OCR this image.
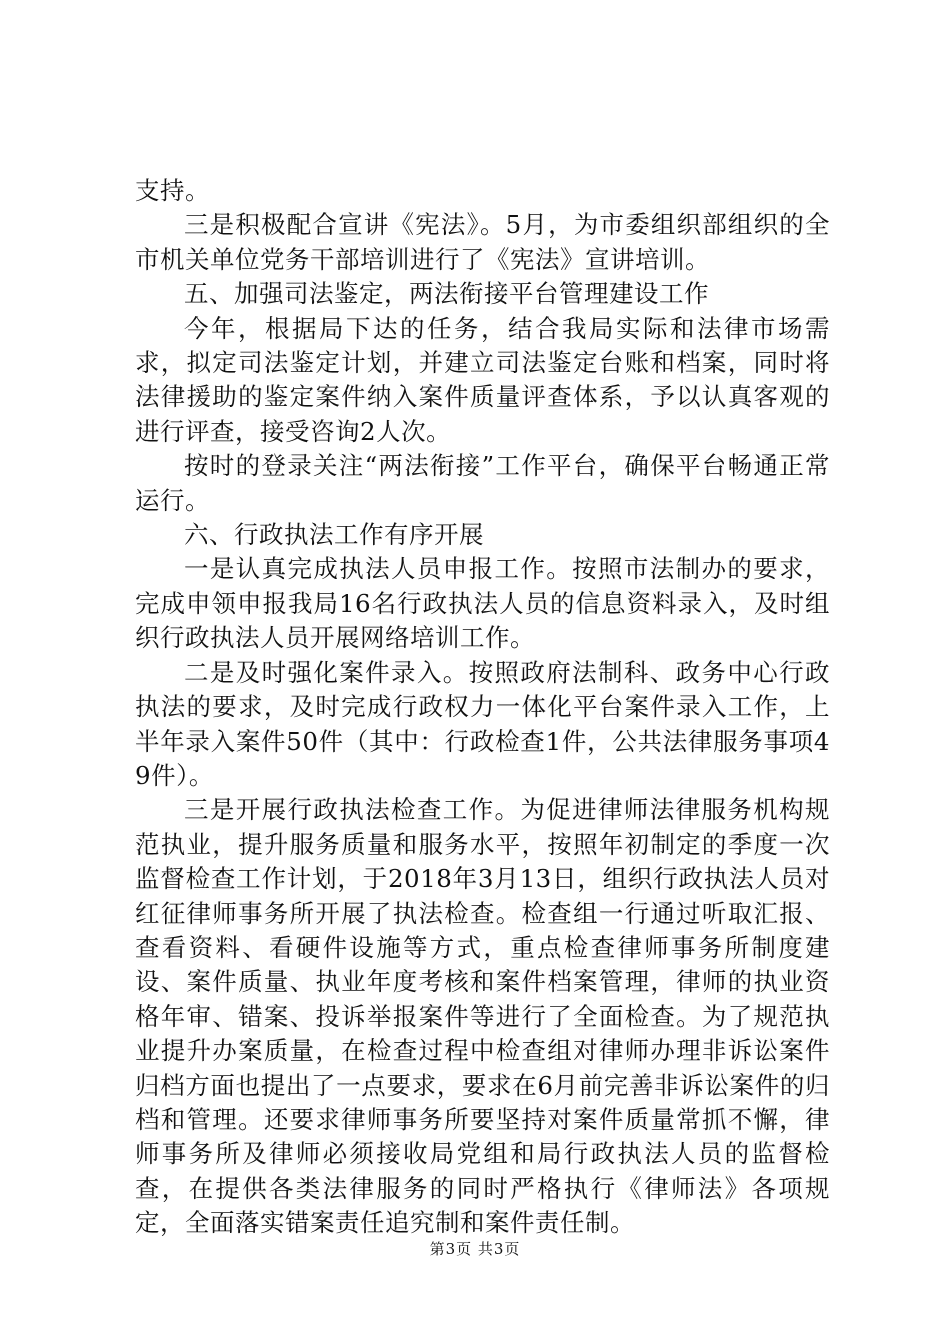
支持。

三是积极配合宣讲《宪法》。5月，为市委组织部组织的全市机关单位党务干部培训进行了《宪法》宣讲培训。

五、加强司法鉴定，两法衔接平台管理建设工作

今年，根据局下达的任务，结合我局实际和法律市场需求，拟定司法鉴定计划，并建立司法鉴定台账和档案，同时将法律援助的鉴定案件纳入案件质量评查体系，予以认真客观的进行评查，接受咨询2人次。

按时的登录关注“两法衔接”工作平台，确保平台畅通正常运行。

六、行政执法工作有序开展

一是认真完成执法人员申报工作。按照市法制办的要求，完成申领申报我局16名行政执法人员的信息资料录入，及时组织行政执法人员开展网络培训工作。

二是及时强化案件录入。按照政府法制科、政务中心行政执法的要求，及时完成行政权力一体化平台案件录入工作，上半年录入案件50件（其中：行政检查1件，公共法律服务事项49件）。

三是开展行政执法检查工作。为促进律师法律服务机构规范执业，提升服务质量和服务水平，按照年初制定的季度一次监督检查工作计划，于2018年3月13日，组织行政执法人员对红征律师事务所开展了执法检查。检查组一行通过听取汇报、查看资料、看硬件设施等方式，重点检查律师事务所制度建设、案件质量、执业年度考核和案件档案管理，律师的执业资格年审、错案、投诉举报案件等进行了全面检查。为了规范执业提升办案质量，在检查过程中检查组对律师办理非诉讼案件归档方面也提出了一点要求，要求在6月前完善非诉讼案件的归档和管理。还要求律师事务所要坚持对案件质量常抓不懈，律师事务所及律师必须接收局党组和局行政执法人员的监督检查，在提供各类法律服务的同时严格执行《律师法》各项规定，全面落实错案责任追究制和案件责任制。

第3页 共3页
